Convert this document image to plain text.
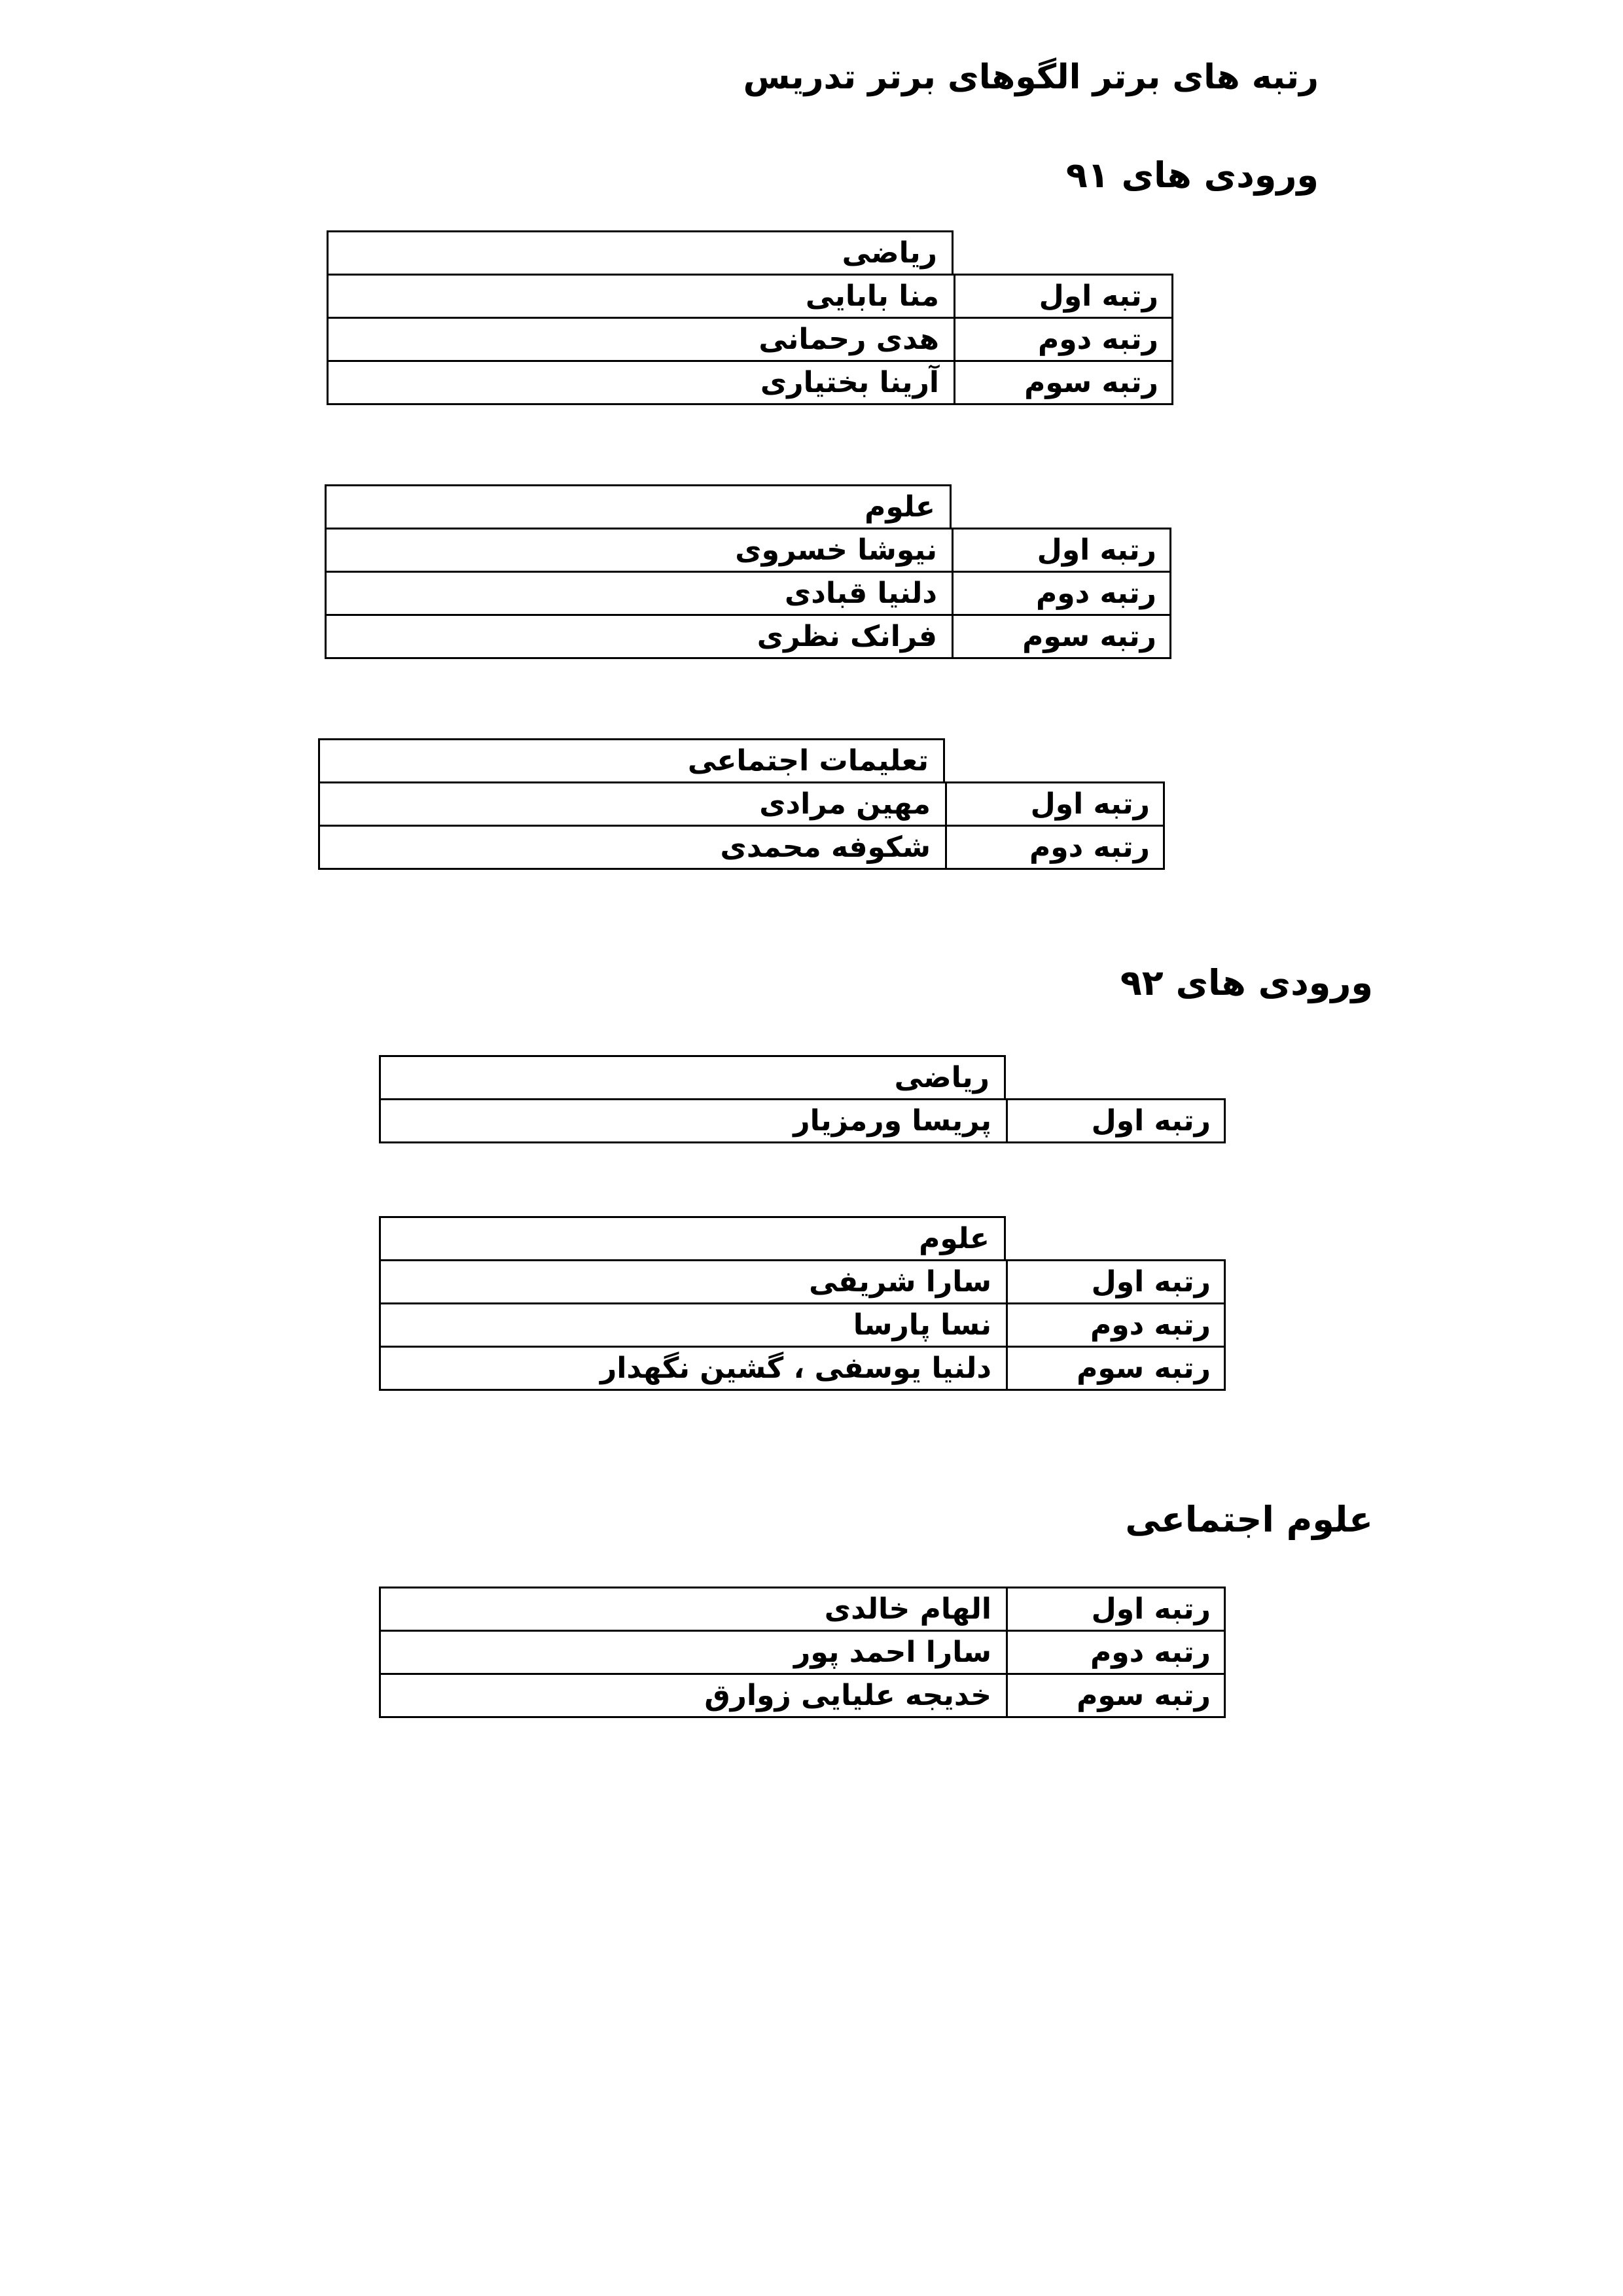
رتبه های برتر الگوهای برتر تدریس
ورودی های ۹۱
ریاضی
رتبه اول
منا بابایی
رتبه دوم
هدی رحمانی
رتبه سوم
آرینا بختیاری
علوم
رتبه اول
نیوشا خسروی
رتبه دوم
دلنیا قبادی
رتبه سوم
فرانک نظری
تعلیمات اجتماعی
رتبه اول
مهین مرادی
رتبه دوم
شکوفه محمدی
ورودی های ۹۲
ریاضی
رتبه اول
پریسا ورمزیار
علوم
رتبه اول
سارا شریفی
رتبه دوم
نسا پارسا
رتبه سوم
دلنیا یوسفی ، گشین نگهدار
علوم اجتماعی
رتبه اول
الهام خالدی
رتبه دوم
سارا احمد پور
رتبه سوم
خدیجه علیایی زوارق
